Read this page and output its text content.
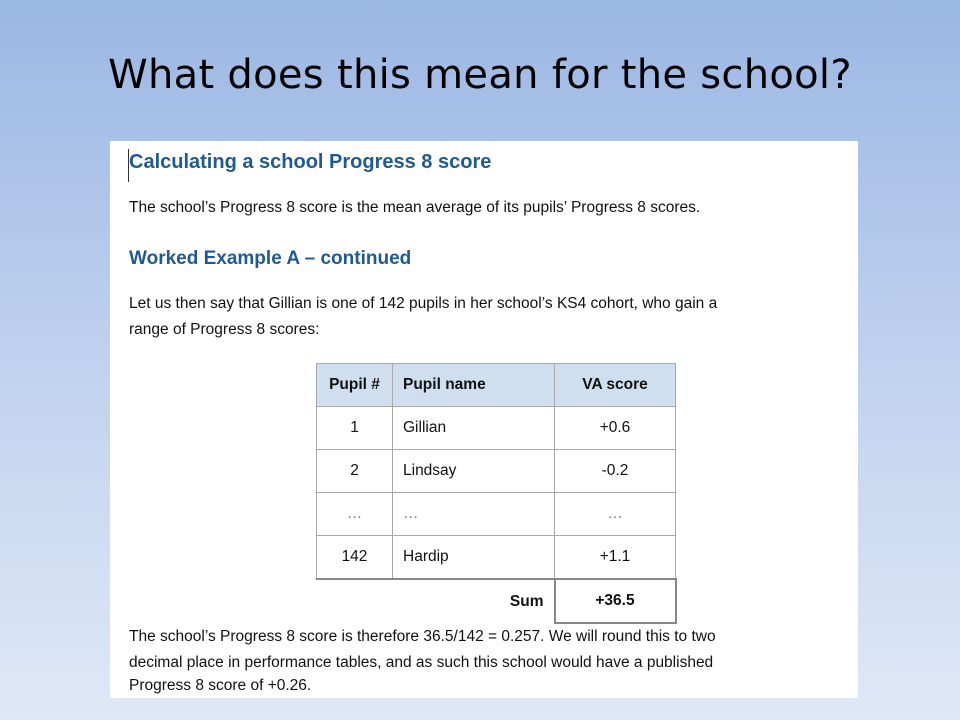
What does this mean for the school?
Calculating a school Progress 8 score
The school’s Progress 8 score is the mean average of its pupils’ Progress 8 scores.
Worked Example A – continued
Let us then say that Gillian is one of 142 pupils in her school’s KS4 cohort, who gain a
range of Progress 8 scores:
Pupil #	Pupil name	VA score
1	Gillian	+0.6
2	Lindsay	-0.2
…	…	…
142	Hardip	+1.1
	Sum	+36.5
The school’s Progress 8 score is therefore 36.5/142 = 0.257. We will round this to two
decimal place in performance tables, and as such this school would have a published
Progress 8 score of +0.26.
